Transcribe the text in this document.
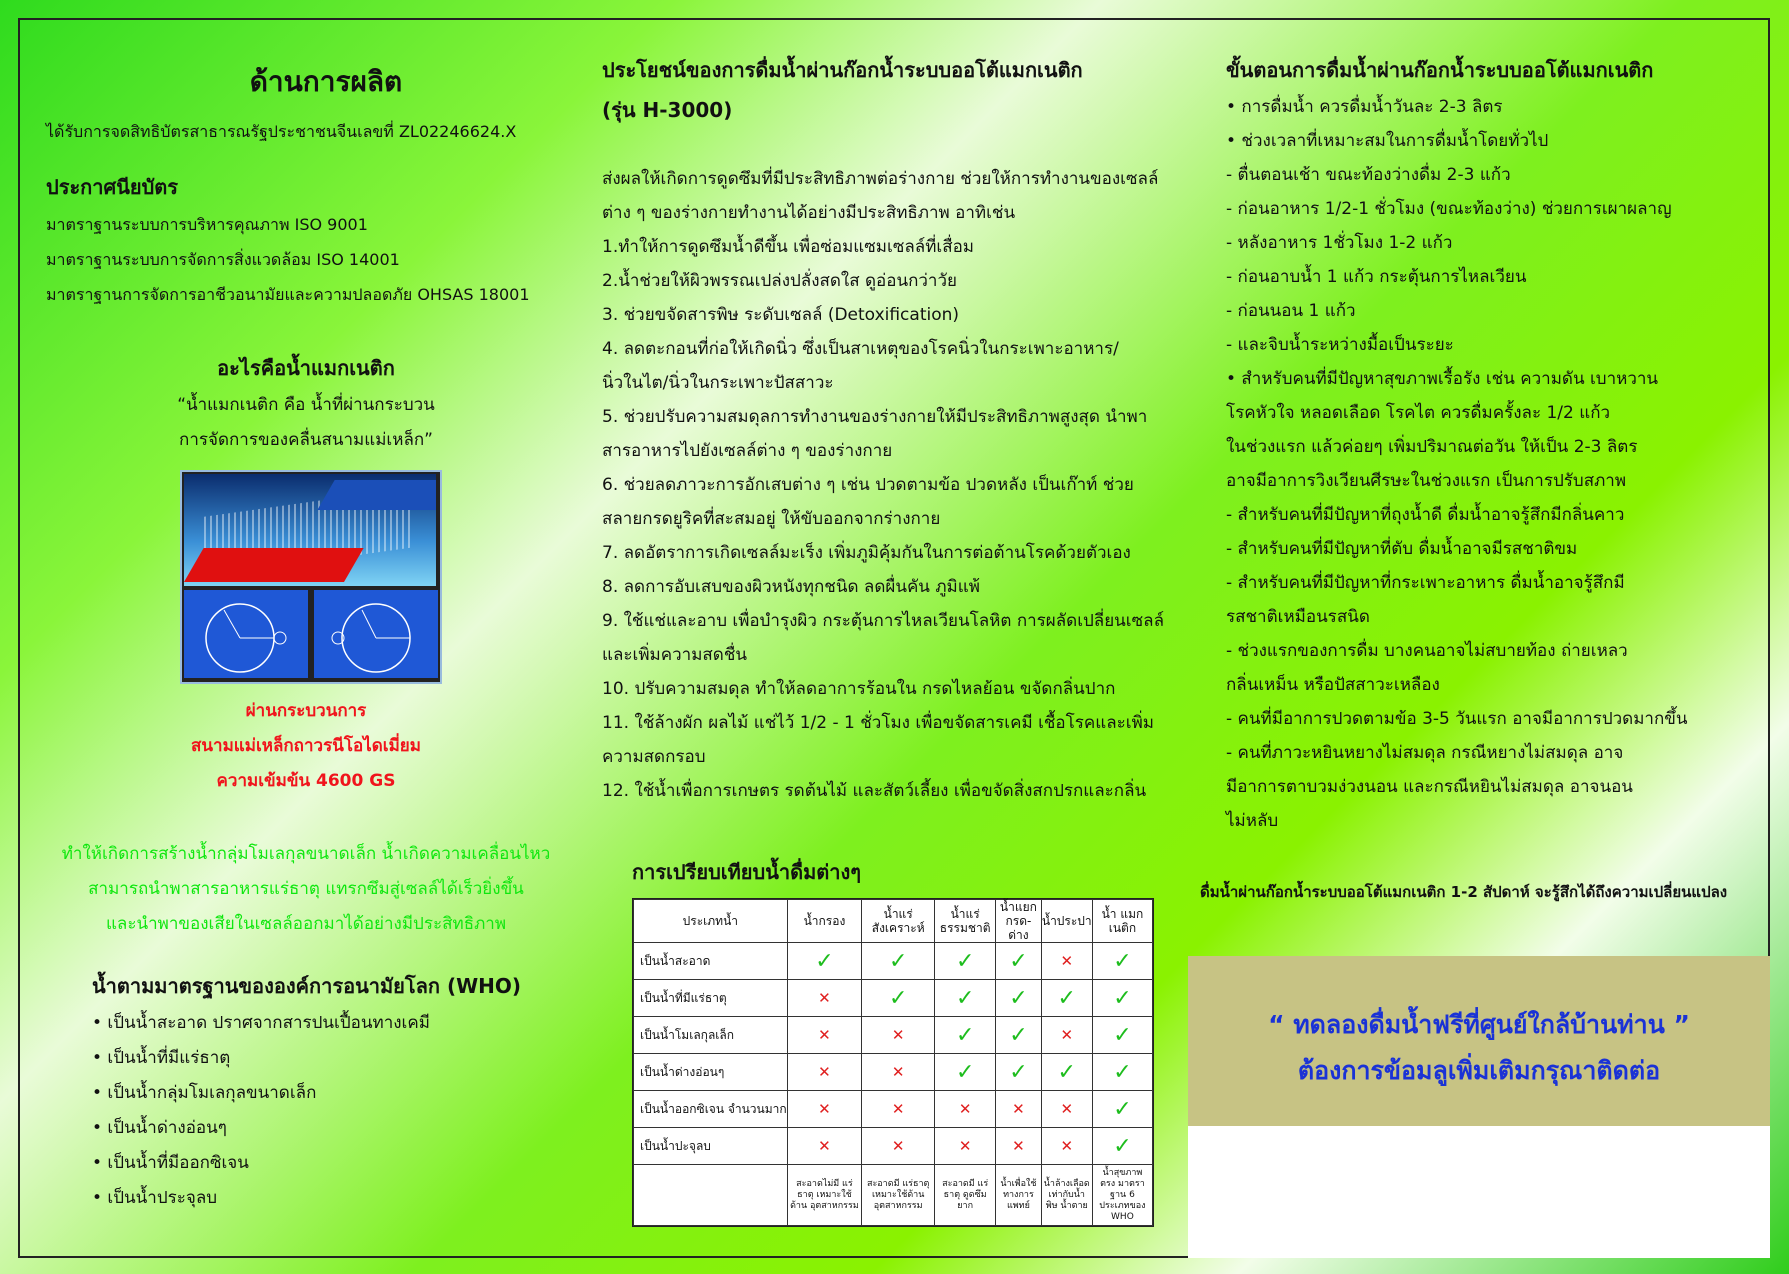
ด้านการผลิต
ได้รับการจดสิทธิบัตรสาธารณรัฐประชาชนจีนเลขที่ ZL02246624.X
ประกาศนียบัตร
มาตราฐานระบบการบริหารคุณภาพ ISO 9001
มาตราฐานระบบการจัดการสิ่งแวดล้อม ISO 14001
มาตราฐานการจัดการอาชีวอนามัยและความปลอดภัย OHSAS 18001
อะไรคือน้ำแมกเนติก
“น้ำแมกเนติก คือ น้ำที่ผ่านกระบวน
การจัดการของคลื่นสนามแม่เหล็ก”
ผ่านกระบวนการ
สนามแม่เหล็กถาวรนีโอไดเมี่ยม
ความเข้มข้น 4600 GS
ทำให้เกิดการสร้างน้ำกลุ่มโมเลกุลขนาดเล็ก น้ำเกิดความเคลื่อนไหว
สามารถนำพาสารอาหารแร่ธาตุ แทรกซึมสู่เซลล์ได้เร็วยิ่งขึ้น
และนำพาของเสียในเซลล์ออกมาได้อย่างมีประสิทธิภาพ
น้ำตามมาตรฐานขององค์การอนามัยโลก (WHO)
• เป็นน้ำสะอาด ปราศจากสารปนเปื้อนทางเคมี
• เป็นน้ำที่มีแร่ธาตุ
• เป็นน้ำกลุ่มโมเลกุลขนาดเล็ก
• เป็นน้ำด่างอ่อนๆ
• เป็นน้ำที่มีออกซิเจน
• เป็นน้ำประจุลบ
ประโยชน์ของการดื่มน้ำผ่านก๊อกน้ำระบบออโต้แมกเนติก
(รุ่น H-3000)
ส่งผลให้เกิดการดูดซึมที่มีประสิทธิภาพต่อร่างกาย ช่วยให้การทำงานของเซลล์
ต่าง ๆ ของร่างกายทำงานได้อย่างมีประสิทธิภาพ อาทิเช่น
1.ทำให้การดูดซึมน้ำดีขึ้น เพื่อซ่อมแซมเซลล์ที่เสื่อม
2.น้ำช่วยให้ผิวพรรณเปล่งปลั่งสดใส ดูอ่อนกว่าวัย
3. ช่วยขจัดสารพิษ ระดับเซลล์ (Detoxification)
4. ลดตะกอนที่ก่อให้เกิดนิ่ว ซึ่งเป็นสาเหตุของโรคนิ่วในกระเพาะอาหาร/
นิ่วในไต/นิ่วในกระเพาะปัสสาวะ
5. ช่วยปรับความสมดุลการทำงานของร่างกายให้มีประสิทธิภาพสูงสุด นำพา
สารอาหารไปยังเซลล์ต่าง ๆ ของร่างกาย
6. ช่วยลดภาวะการอักเสบต่าง ๆ เช่น ปวดตามข้อ ปวดหลัง เป็นเก๊าท์ ช่วย
สลายกรดยูริคที่สะสมอยู่ ให้ขับออกจากร่างกาย
7. ลดอัตราการเกิดเซลล์มะเร็ง เพิ่มภูมิคุ้มกันในการต่อต้านโรคด้วยตัวเอง
8. ลดการอับเสบของผิวหนังทุกชนิด ลดผื่นคัน ภูมิแพ้
9. ใช้แช่และอาบ เพื่อบำรุงผิว กระตุ้นการไหลเวียนโลหิต การผลัดเปลี่ยนเซลล์
และเพิ่มความสดชื่น
10. ปรับความสมดุล ทำให้ลดอาการร้อนใน กรดไหลย้อน ขจัดกลิ่นปาก
11. ใช้ล้างผัก ผลไม้ แช่ไว้ 1/2 - 1 ชั่วโมง เพื่อขจัดสารเคมี เชื้อโรคและเพิ่ม
ความสดกรอบ
12. ใช้น้ำเพื่อการเกษตร รดต้นไม้ และสัตว์เลี้ยง เพื่อขจัดสิ่งสกปรกและกลิ่น
การเปรียบเทียบน้ำดื่มต่างๆ
ประเภทน้ำ	น้ำกรอง	น้ำแร่ สังเคราะห์	น้ำแร่ ธรรมชาติ	น้ำแยก กรด-ด่าง	น้ำประปา	น้ำ แมกเนติก
เป็นน้ำสะอาด	✓	✓	✓	✓	✕	✓
เป็นน้ำที่มีแร่ธาตุ	✕	✓	✓	✓	✓	✓
เป็นน้ำโมเลกุลเล็ก	✕	✕	✓	✓	✕	✓
เป็นน้ำด่างอ่อนๆ	✕	✕	✓	✓	✓	✓
เป็นน้ำออกซิเจน จำนวนมาก	✕	✕	✕	✕	✕	✓
เป็นน้ำปะจุลบ	✕	✕	✕	✕	✕	✓
	สะอาดไม่มี แร่ธาตุ เหมาะใช้ด้าน อุตสาหกรรม	สะอาดมี แร่ธาตุ เหมาะใช้ด้าน อุตสาหกรรม	สะอาดมี แร่ธาตุ ดูดซึมยาก	น้ำเพื่อใช้ ทางการแพทย์	น้ำล้างเลือด เท่ากับน้ำพิษ น้ำตาย	น้ำสุขภาพ ตรง มาตราฐาน 6 ประเภทของ WHO
ขั้นตอนการดื่มน้ำผ่านก๊อกน้ำระบบออโต้แมกเนติก
• การดื่มน้ำ ควรดื่มน้ำวันละ 2-3 ลิตร
• ช่วงเวลาที่เหมาะสมในการดื่มน้ำโดยทั่วไป
- ตื่นตอนเช้า ขณะท้องว่างดื่ม 2-3 แก้ว
- ก่อนอาหาร 1/2-1 ชั่วโมง (ขณะท้องว่าง) ช่วยการเผาผลาญ
- หลังอาหาร 1ชั่วโมง 1-2 แก้ว
- ก่อนอาบน้ำ 1 แก้ว กระตุ้นการไหลเวียน
- ก่อนนอน 1 แก้ว
- และจิบน้ำระหว่างมื้อเป็นระยะ
• สำหรับคนที่มีปัญหาสุขภาพเรื้อรัง เช่น ความดัน เบาหวาน
โรคหัวใจ หลอดเลือด โรคไต ควรดื่มครั้งละ 1/2 แก้ว
ในช่วงแรก แล้วค่อยๆ เพิ่มปริมาณต่อวัน ให้เป็น 2-3 ลิตร
อาจมีอาการวิงเวียนศีรษะในช่วงแรก เป็นการปรับสภาพ
- สำหรับคนที่มีปัญหาที่ถุงน้ำดี ดื่มน้ำอาจรู้สึกมีกลิ่นคาว
- สำหรับคนที่มีปัญหาที่ตับ ดื่มน้ำอาจมีรสชาติขม
- สำหรับคนที่มีปัญหาที่กระเพาะอาหาร ดื่มน้ำอาจรู้สึกมี
รสชาติเหมือนรสนิด
- ช่วงแรกของการดื่ม บางคนอาจไม่สบายท้อง ถ่ายเหลว
กลิ่นเหม็น หรือปัสสาวะเหลือง
- คนที่มีอาการปวดตามข้อ 3-5 วันแรก อาจมีอาการปวดมากขึ้น
- คนที่ภาวะหยินหยางไม่สมดุล กรณีหยางไม่สมดุล อาจ
มีอาการตาบวมง่วงนอน และกรณีหยินไม่สมดุล อาจนอน
ไม่หลับ
ดื่มน้ำผ่านก๊อกน้ำระบบออโต้แมกเนติก 1-2 สัปดาห์ จะรู้สึกได้ถึงความเปลี่ยนแปลง
“ ทดลองดื่มน้ำฟรีที่ศูนย์ใกล้บ้านท่าน ”
ต้องการข้อมลูเพิ่มเติมกรุณาติดต่อ
